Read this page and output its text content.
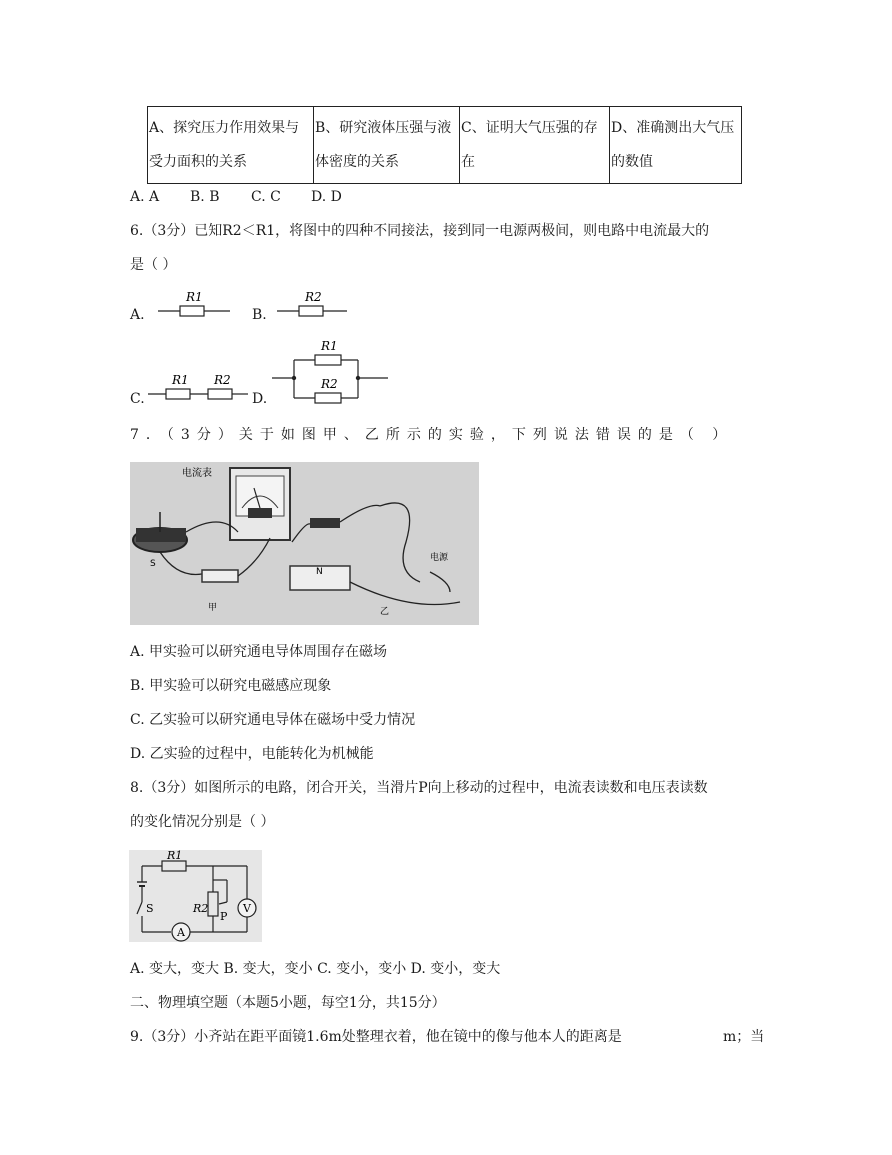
A、探究压力作用效果与
受力面积的关系

B、研究液体压强与液
体密度的关系

C、证明大气压强的存
在

D、准确测出大气压
的数值
A. A B. B C. C D. D
6.（3分）已知R2＜R1，将图中的四种不同接法，接到同一电源两极间，则电路中电流最大的
是（ ）
A.
R1
B.
R2
C.
R1 R2
D.
R1
R2
7．（3分）关于如图甲、乙所示的实验，下列说法错误的是（ ）
电流表
S
甲
N
电源
乙
A. 甲实验可以研究通电导体周围存在磁场
B. 甲实验可以研究电磁感应现象
C. 乙实验可以研究通电导体在磁场中受力情况
D. 乙实验的过程中，电能转化为机械能
8.（3分）如图所示的电路，闭合开关，当滑片P向上移动的过程中，电流表读数和电压表读数
的变化情况分别是（ ）
R1
S
A
R2
P
V
A. 变大，变大 B. 变大，变小 C. 变小，变小 D. 变小，变大
二、物理填空题（本题5小题，每空1分，共15分）
9.（3分）小齐站在距平面镜1.6m处整理衣着，他在镜中的像与他本人的距离是	m；当
